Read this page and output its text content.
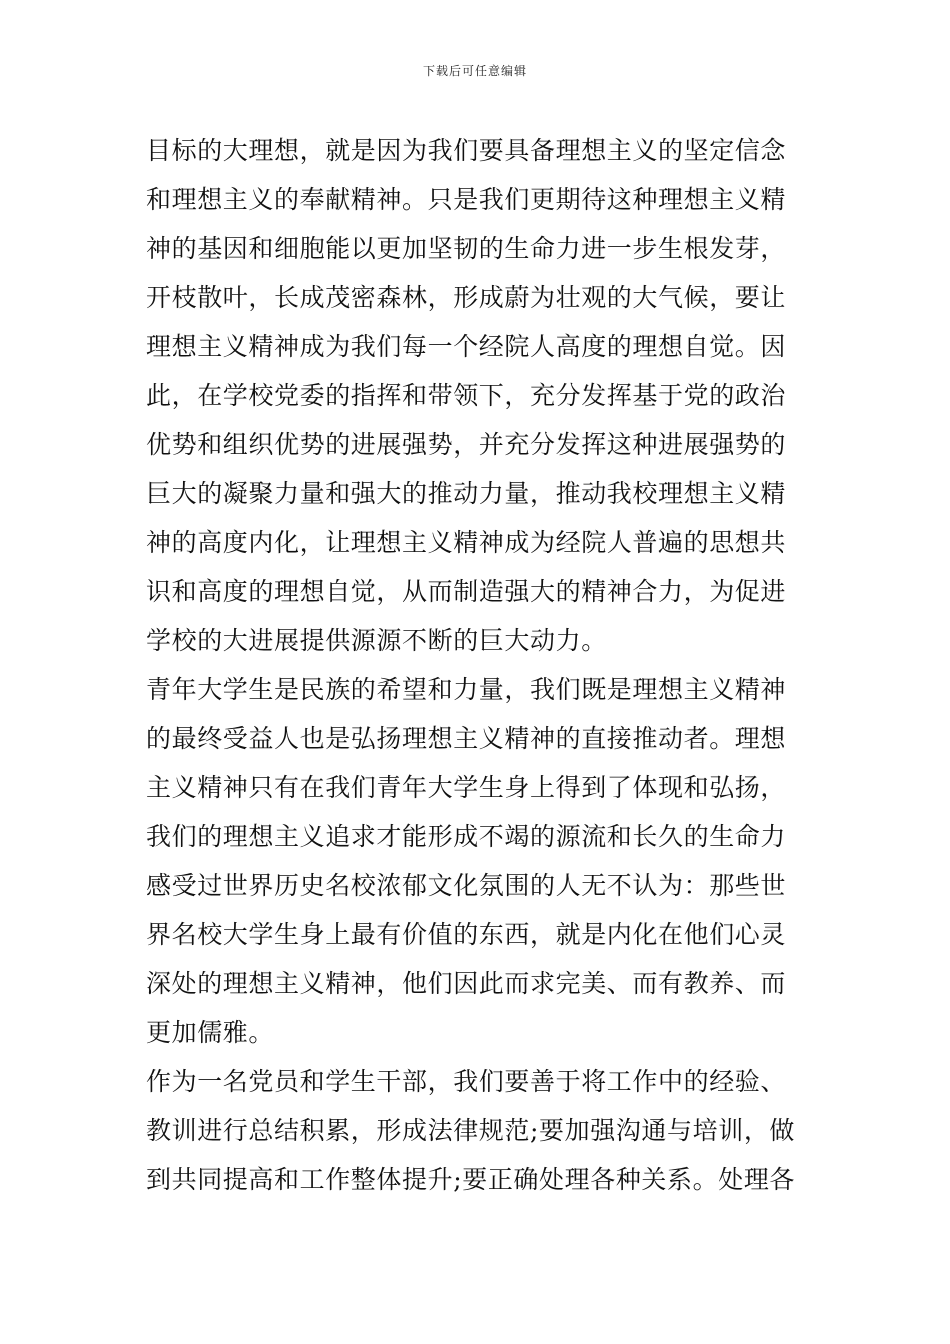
下载后可任意编辑
目标的大理想，就是因为我们要具备理想主义的坚定信念
和理想主义的奉献精神。只是我们更期待这种理想主义精
神的基因和细胞能以更加坚韧的生命力进一步生根发芽，
开枝散叶，长成茂密森林，形成蔚为壮观的大气候，要让
理想主义精神成为我们每一个经院人高度的理想自觉。因
此，在学校党委的指挥和带领下，充分发挥基于党的政治
优势和组织优势的进展强势，并充分发挥这种进展强势的
巨大的凝聚力量和强大的推动力量，推动我校理想主义精
神的高度内化，让理想主义精神成为经院人普遍的思想共
识和高度的理想自觉，从而制造强大的精神合力，为促进
学校的大进展提供源源不断的巨大动力。
青年大学生是民族的希望和力量，我们既是理想主义精神
的最终受益人也是弘扬理想主义精神的直接推动者。理想
主义精神只有在我们青年大学生身上得到了体现和弘扬，
我们的理想主义追求才能形成不竭的源流和长久的生命力
感受过世界历史名校浓郁文化氛围的人无不认为：那些世
界名校大学生身上最有价值的东西，就是内化在他们心灵
深处的理想主义精神，他们因此而求完美、而有教养、而
更加儒雅。
作为一名党员和学生干部，我们要善于将工作中的经验、
教训进行总结积累，形成法律规范;要加强沟通与培训，做
到共同提高和工作整体提升;要正确处理各种关系。处理各
